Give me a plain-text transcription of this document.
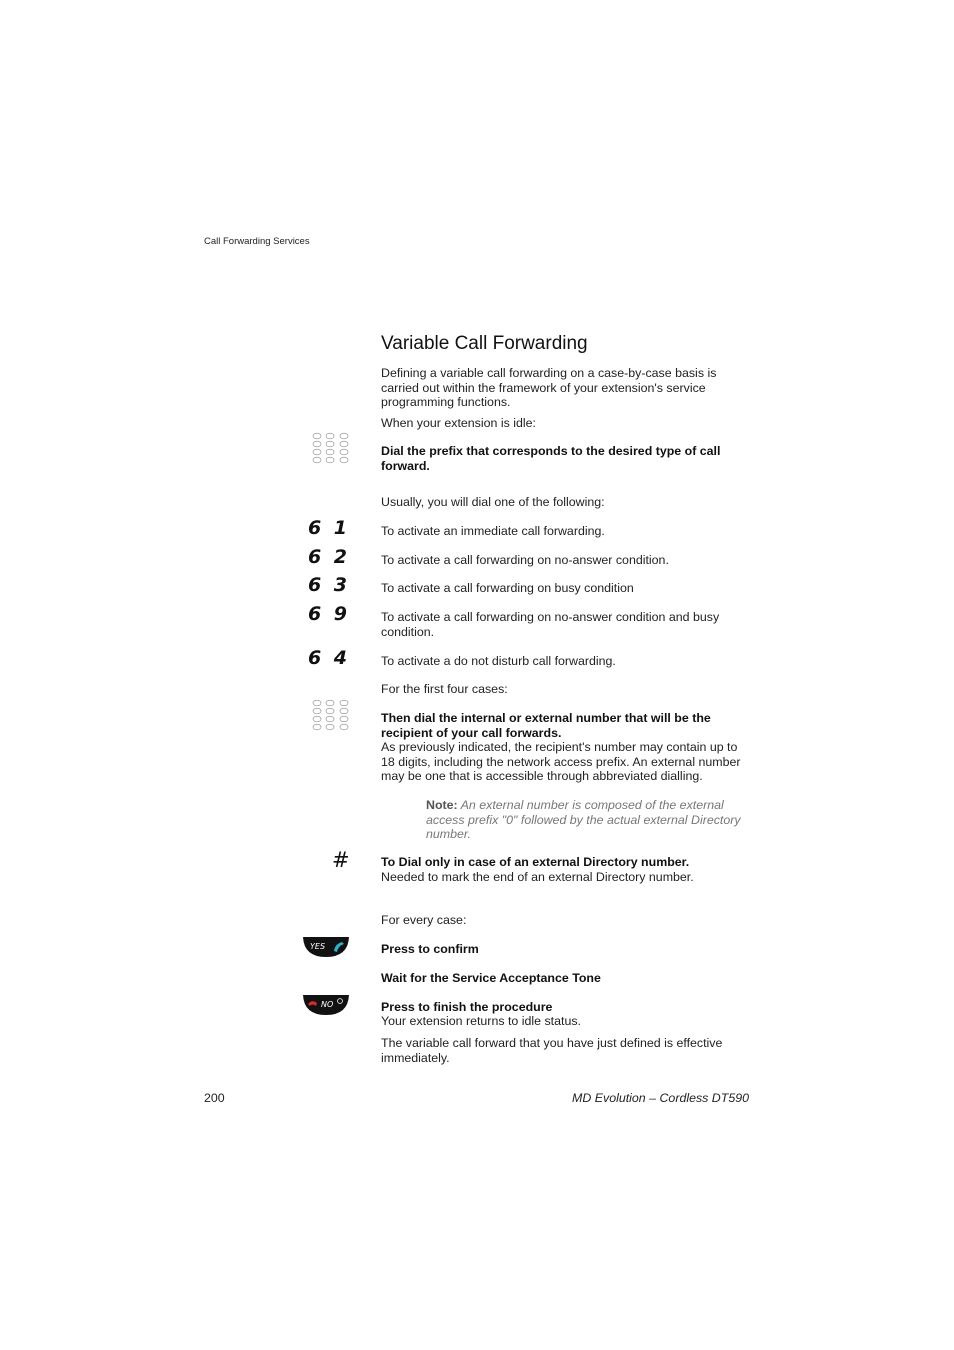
Call Forwarding Services
Variable Call Forwarding
Defining a variable call forwarding on a case-by-case basis is carried out within the framework of your extension's service programming functions.
When your extension is idle:
Dial the prefix that corresponds to the desired type of call forward.
Usually, you will dial one of the following:
6 1	To activate an immediate call forwarding.
6 2	To activate a call forwarding on no-answer condition.
6 3	To activate a call forwarding on busy condition
6 9	To activate a call forwarding on no-answer condition and busy condition.
6 4	To activate a do not disturb call forwarding.
For the first four cases:
Then dial the internal or external number that will be the recipient of your call forwards.
As previously indicated, the recipient's number may contain up to 18 digits, including the network access prefix. An external number may be one that is accessible through abbreviated dialling.
Note: An external number is composed of the external access prefix "0" followed by the actual external Directory number.
#	To Dial only in case of an external Directory number.
Needed to mark the end of an external Directory number.
For every case:
YES	Press to confirm
Wait for the Service Acceptance Tone
NO	Press to finish the procedure
Your extension returns to idle status.
The variable call forward that you have just defined is effective immediately.
200	MD Evolution – Cordless DT590
